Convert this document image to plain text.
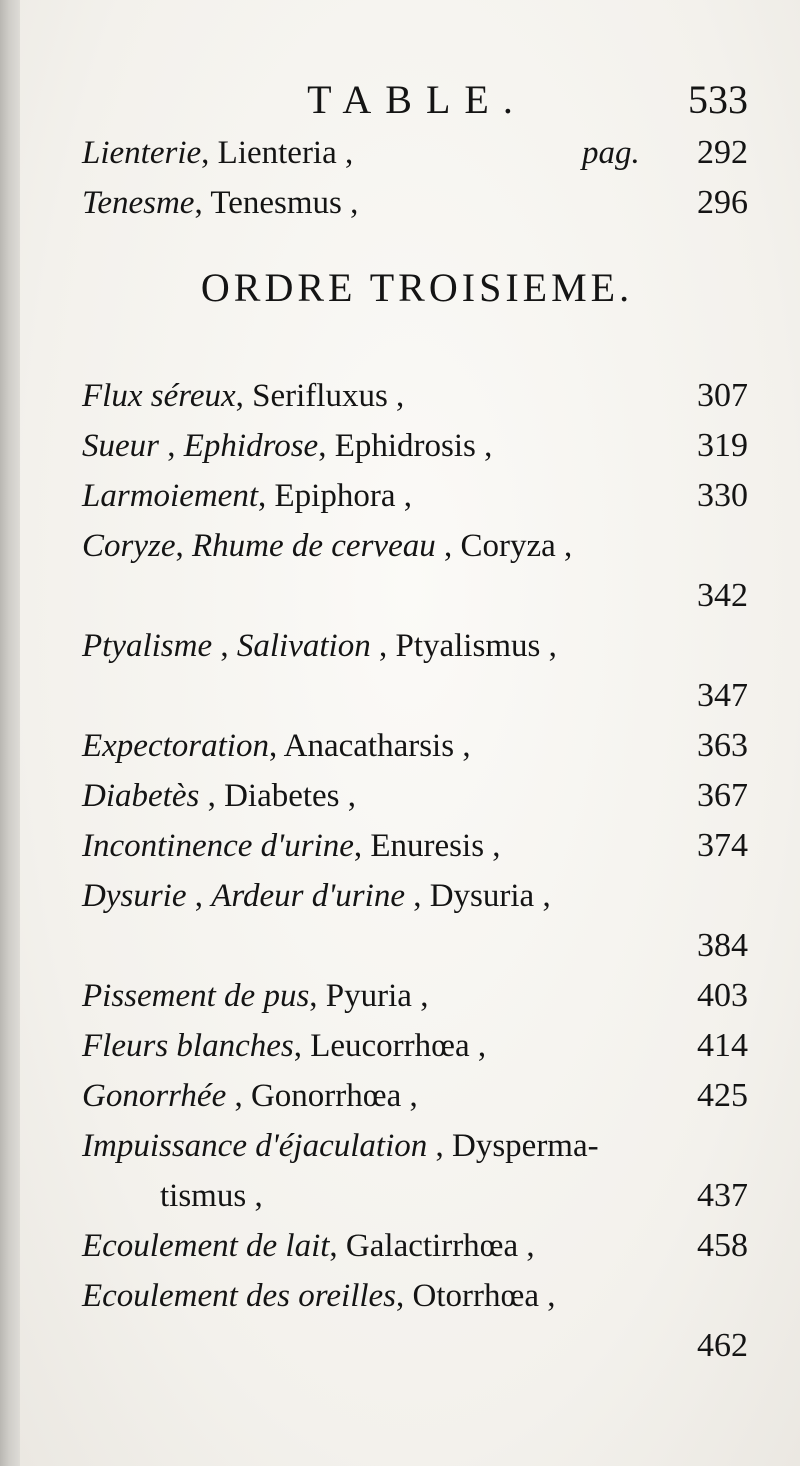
TABLE.	533
Lienterie, Lienteria ,	pag. 292
Tenesme, Tenesmus ,	296
ORDRE TROISIEME.
Flux séreux, Serifluxus ,	307
Sueur , Ephidrose, Ephidrosis ,	319
Larmoiement, Epiphora ,	330
Coryze, Rhume de cerveau , Coryza ,
342
Ptyalisme , Salivation , Ptyalismus ,
347
Expectoration, Anacatharsis ,	363
Diabetès , Diabetes ,	367
Incontinence d'urine, Enuresis ,	374
Dysurie , Ardeur d'urine , Dysuria ,
384
Pissement de pus, Pyuria ,	403
Fleurs blanches, Leucorrhœa ,	414
Gonorrhée , Gonorrhœa ,	425
Impuissance d'éjaculation , Dysperma-
tismus ,	437
Ecoulement de lait, Galactirrhœa ,	458
Ecoulement des oreilles, Otorrhœa ,
462
